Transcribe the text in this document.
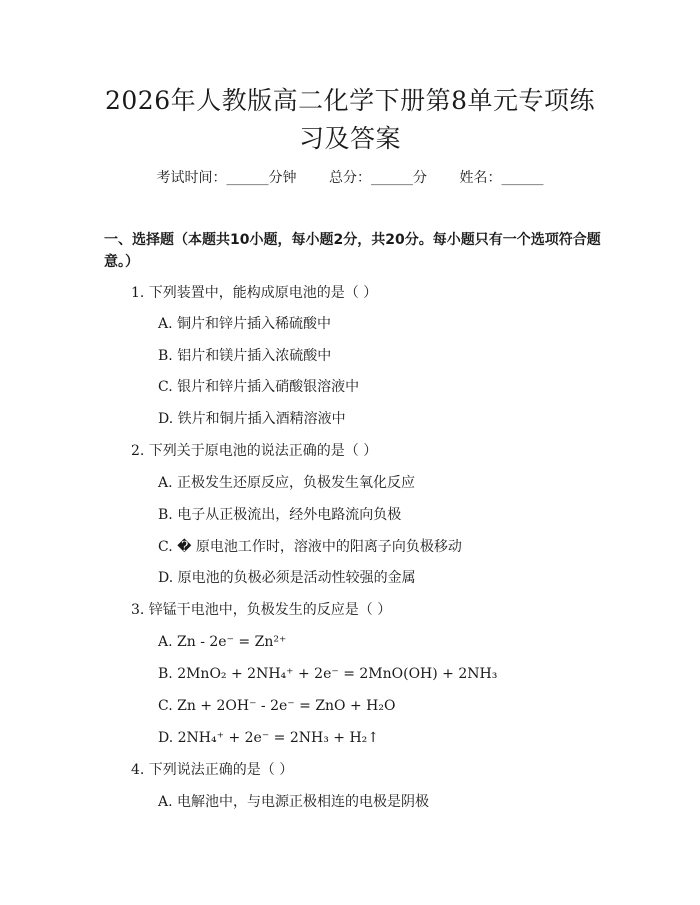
2026年人教版高二化学下册第8单元专项练
习及答案
考试时间：______分钟 总分：______分 姓名：______
一、选择题（本题共10小题，每小题2分，共20分。每小题只有一个选项符合题意。）
1. 下列装置中，能构成原电池的是（ ）
A. 铜片和锌片插入稀硫酸中
B. 铝片和镁片插入浓硫酸中
C. 银片和锌片插入硝酸银溶液中
D. 铁片和铜片插入酒精溶液中
2. 下列关于原电池的说法正确的是（ ）
A. 正极发生还原反应，负极发生氧化反应
B. 电子从正极流出，经外电路流向负极
C. � 原电池工作时，溶液中的阳离子向负极移动
D. 原电池的负极必须是活动性较强的金属
3. 锌锰干电池中，负极发生的反应是（ ）
A. Zn - 2e⁻ = Zn²⁺
B. 2MnO₂ + 2NH₄⁺ + 2e⁻ = 2MnO(OH) + 2NH₃
C. Zn + 2OH⁻ - 2e⁻ = ZnO + H₂O
D. 2NH₄⁺ + 2e⁻ = 2NH₃ + H₂↑
4. 下列说法正确的是（ ）
A. 电解池中，与电源正极相连的电极是阴极
